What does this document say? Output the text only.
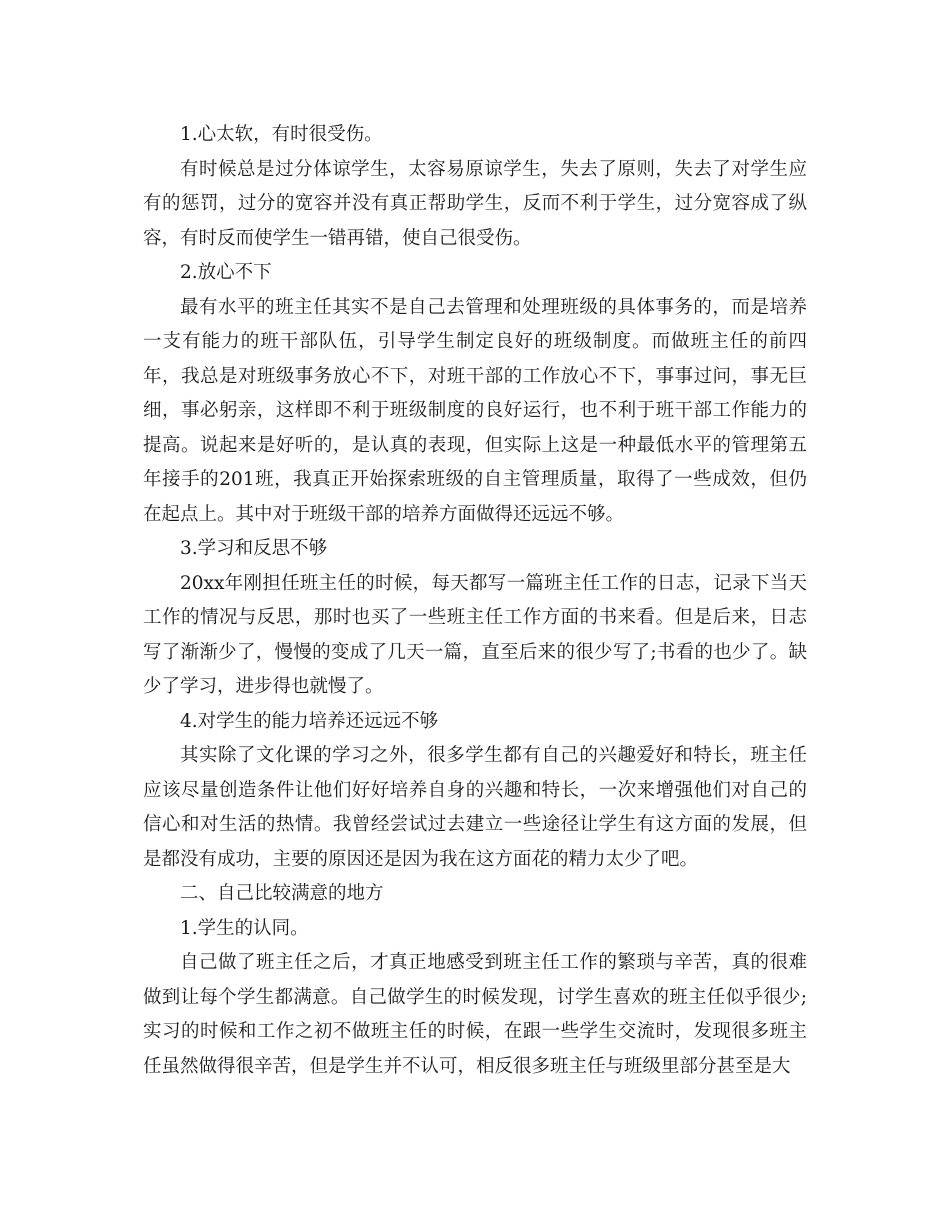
1.心太软，有时很受伤。

有时候总是过分体谅学生，太容易原谅学生，失去了原则，失去了对学生应有的惩罚，过分的宽容并没有真正帮助学生，反而不利于学生，过分宽容成了纵容，有时反而使学生一错再错，使自己很受伤。

2.放心不下

最有水平的班主任其实不是自己去管理和处理班级的具体事务的，而是培养一支有能力的班干部队伍，引导学生制定良好的班级制度。而做班主任的前四年，我总是对班级事务放心不下，对班干部的工作放心不下，事事过问，事无巨细，事必躬亲，这样即不利于班级制度的良好运行，也不利于班干部工作能力的提高。说起来是好听的，是认真的表现，但实际上这是一种最低水平的管理第五年接手的201班，我真正开始探索班级的自主管理质量，取得了一些成效，但仍在起点上。其中对于班级干部的培养方面做得还远远不够。

3.学习和反思不够

20xx年刚担任班主任的时候，每天都写一篇班主任工作的日志，记录下当天工作的情况与反思，那时也买了一些班主任工作方面的书来看。但是后来，日志写了渐渐少了，慢慢的变成了几天一篇，直至后来的很少写了;书看的也少了。缺少了学习，进步得也就慢了。

4.对学生的能力培养还远远不够

其实除了文化课的学习之外，很多学生都有自己的兴趣爱好和特长，班主任应该尽量创造条件让他们好好培养自身的兴趣和特长，一次来增强他们对自己的信心和对生活的热情。我曾经尝试过去建立一些途径让学生有这方面的发展，但是都没有成功，主要的原因还是因为我在这方面花的精力太少了吧。

二、自己比较满意的地方

1.学生的认同。

自己做了班主任之后，才真正地感受到班主任工作的繁琐与辛苦，真的很难做到让每个学生都满意。自己做学生的时候发现，讨学生喜欢的班主任似乎很少;实习的时候和工作之初不做班主任的时候，在跟一些学生交流时，发现很多班主任虽然做得很辛苦，但是学生并不认可，相反很多班主任与班级里部分甚至是大
